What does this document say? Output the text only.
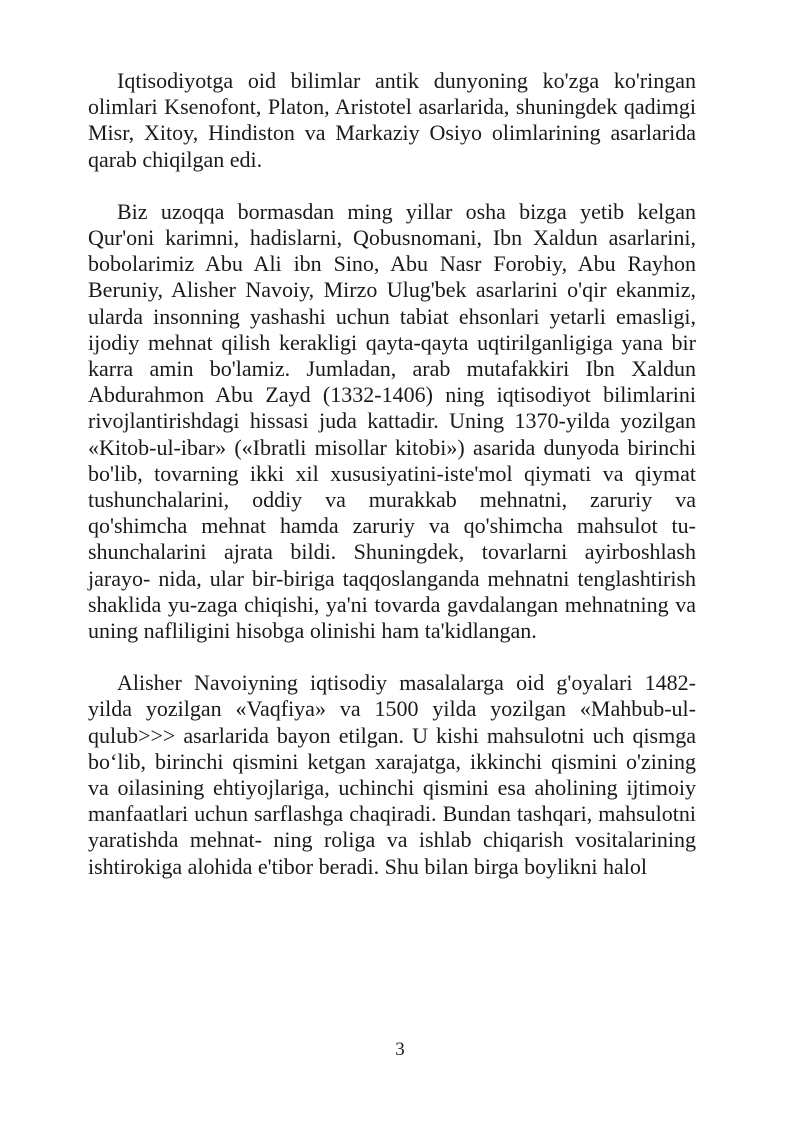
Iqtisodiyotga oid bilimlar antik dunyoning ko'zga ko'ringan olimlari Ksenofont, Platon, Aristotel asarlarida, shuningdek qadimgi Misr, Xitoy, Hindiston va Markaziy Osiyo olimlarining asarlarida qarab chiqilgan edi.

Biz uzoqqa bormasdan ming yillar osha bizga yetib kelgan Qur'oni karimni, hadislarni, Qobusnomani, Ibn Xaldun asarlarini, bobolarimiz Abu Ali ibn Sino, Abu Nasr Forobiy, Abu Rayhon Beruniy, Alisher Navoiy, Mirzo Ulug'bek asarlarini o'qir ekanmiz, ularda insonning yashashi uchun tabiat ehsonlari yetarli emasligi, ijodiy mehnat qilish kerakligi qayta-qayta uqtirilganligiga yana bir karra amin bo'lamiz. Jumladan, arab mutafakkiri Ibn Xaldun Abdurahmon Abu Zayd (1332-1406) ning iqtisodiyot bilimlarini rivojlantirishdagi hissasi juda kattadir. Uning 1370-yilda yozilgan «Kitob-ul-ibar» («Ibratli misollar kitobi») asarida dunyoda birinchi bo'lib, tovarning ikki xil xususiyatini-iste'mol qiymati va qiymat tushunchalarini, oddiy va murakkab mehnatni, zaruriy va qo'shimcha mehnat hamda zaruriy va qo'shimcha mahsulot tu- shunchalarini ajrata bildi. Shuningdek, tovarlarni ayirboshlash jarayo- nida, ular bir-biriga taqqoslanganda mehnatni tenglashtirish shaklida yu-zaga chiqishi, ya'ni tovarda gavdalangan mehnatning va uning nafliligini hisobga olinishi ham ta'kidlangan.

Alisher Navoiyning iqtisodiy masalalarga oid g'oyalari 1482-yilda yozilgan «Vaqfiya» va 1500 yilda yozilgan «Mahbub-ul-qulub>>> asarlarida bayon etilgan. U kishi mahsulotni uch qismga bo‘lib, birinchi qismini ketgan xarajatga, ikkinchi qismini o'zining va oilasining ehtiyojlariga, uchinchi qismini esa aholining ijtimoiy manfaatlari uchun sarflashga chaqiradi. Bundan tashqari, mahsulotni yaratishda mehnat- ning roliga va ishlab chiqarish vositalarining ishtirokiga alohida e'tibor beradi. Shu bilan birga boylikni halol

3
